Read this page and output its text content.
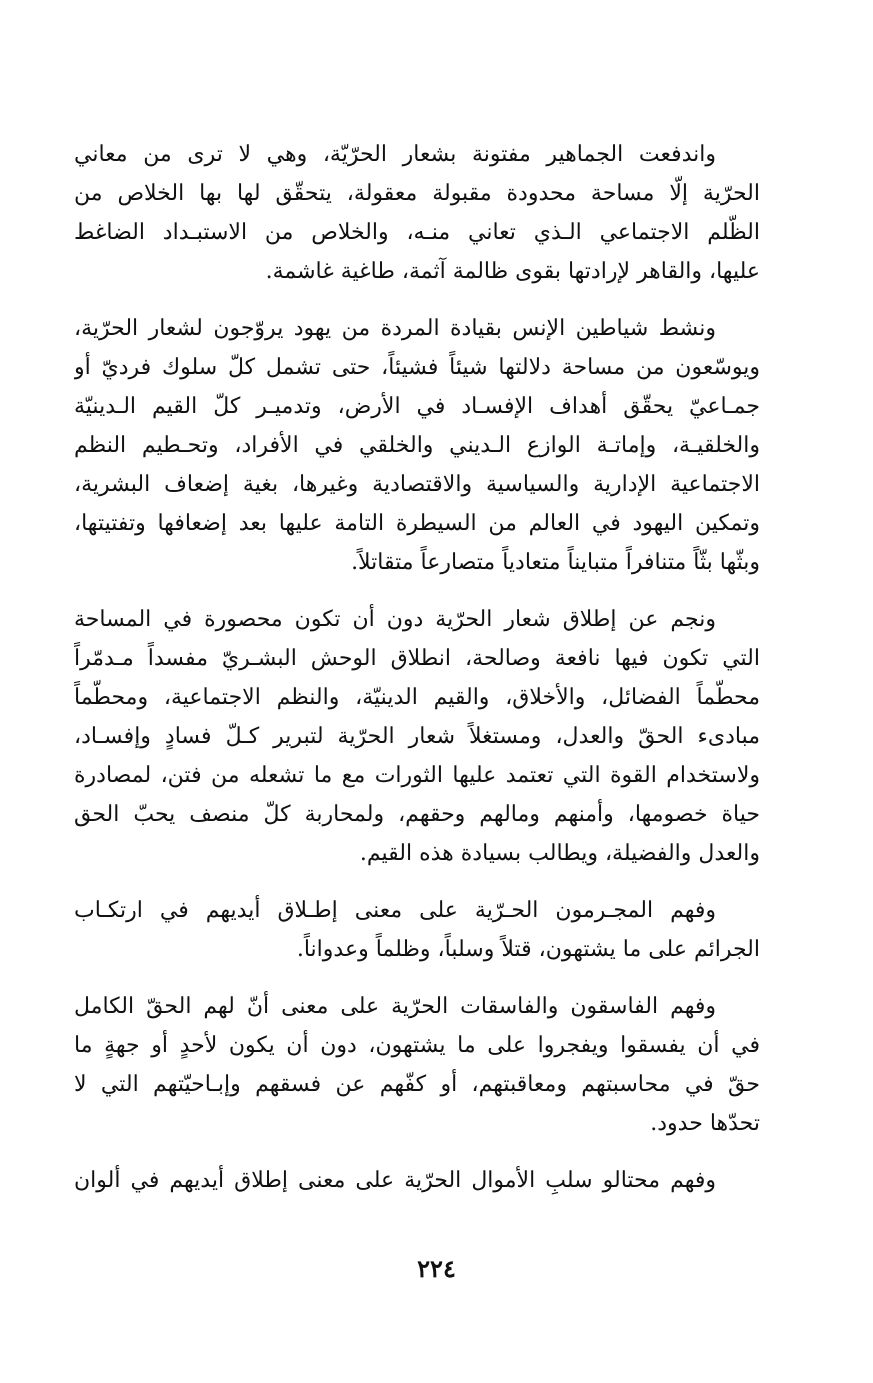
واندفعت الجماهير مفتونة بشعار الحرّيّة، وهي لا ترى من معاني
الحرّية إلّا مساحة محدودة مقبولة معقولة، يتحقّق لها بها الخلاص من
الظّلم الاجتماعي الـذي تعاني منـه، والخلاص من الاستبـداد الضاغط
عليها، والقاهر لإرادتها بقوى ظالمة آثمة، طاغية غاشمة.
ونشط شياطين الإنس بقيادة المردة من يهود يروّجون لشعار الحرّية،
ويوسّعون من مساحة دلالتها شيئاً فشيئاً، حتى تشمل كلّ سلوك فرديّ أو
جمـاعيّ يحقّق أهداف الإفسـاد في الأرض، وتدميـر كلّ القيم الـدينيّة
والخلقيـة، وإماتـة الوازع الـديني والخلقي في الأفراد، وتحـطيم النظم
الاجتماعية الإدارية والسياسية والاقتصادية وغيرها، بغية إضعاف البشرية،
وتمكين اليهود في العالم من السيطرة التامة عليها بعد إضعافها وتفتيتها،
وبثّها بثّاً متنافراً متبايناً متعادياً متصارعاً متقاتلاً.
ونجم عن إطلاق شعار الحرّية دون أن تكون محصورة في المساحة
التي تكون فيها نافعة وصالحة، انطلاق الوحش البشـريّ مفسداً مـدمّراً
محطّماً الفضائل، والأخلاق، والقيم الدينيّة، والنظم الاجتماعية، ومحطّماً
مبادىء الحقّ والعدل، ومستغلاً شعار الحرّية لتبرير كـلّ فسادٍ وإفسـاد،
ولاستخدام القوة التي تعتمد عليها الثورات مع ما تشعله من فتن، لمصادرة
حياة خصومها، وأمنهم ومالهم وحقهم، ولمحاربة كلّ منصف يحبّ الحق
والعدل والفضيلة، ويطالب بسيادة هذه القيم.
وفهم المجـرمون الحـرّية على معنى إطـلاق أيديهم في ارتكـاب
الجرائم على ما يشتهون، قتلاً وسلباً، وظلماً وعدواناً.
وفهم الفاسقون والفاسقات الحرّية على معنى أنّ لهم الحقّ الكامل
في أن يفسقوا ويفجروا على ما يشتهون، دون أن يكون لأحدٍ أو جهةٍ ما
حقّ في محاسبتهم ومعاقبتهم، أو كفّهم عن فسقهم وإبـاحيّتهم التي لا
تحدّها حدود.
وفهم محتالو سلبِ الأموال الحرّية على معنى إطلاق أيديهم في ألوان
٢٢٤
